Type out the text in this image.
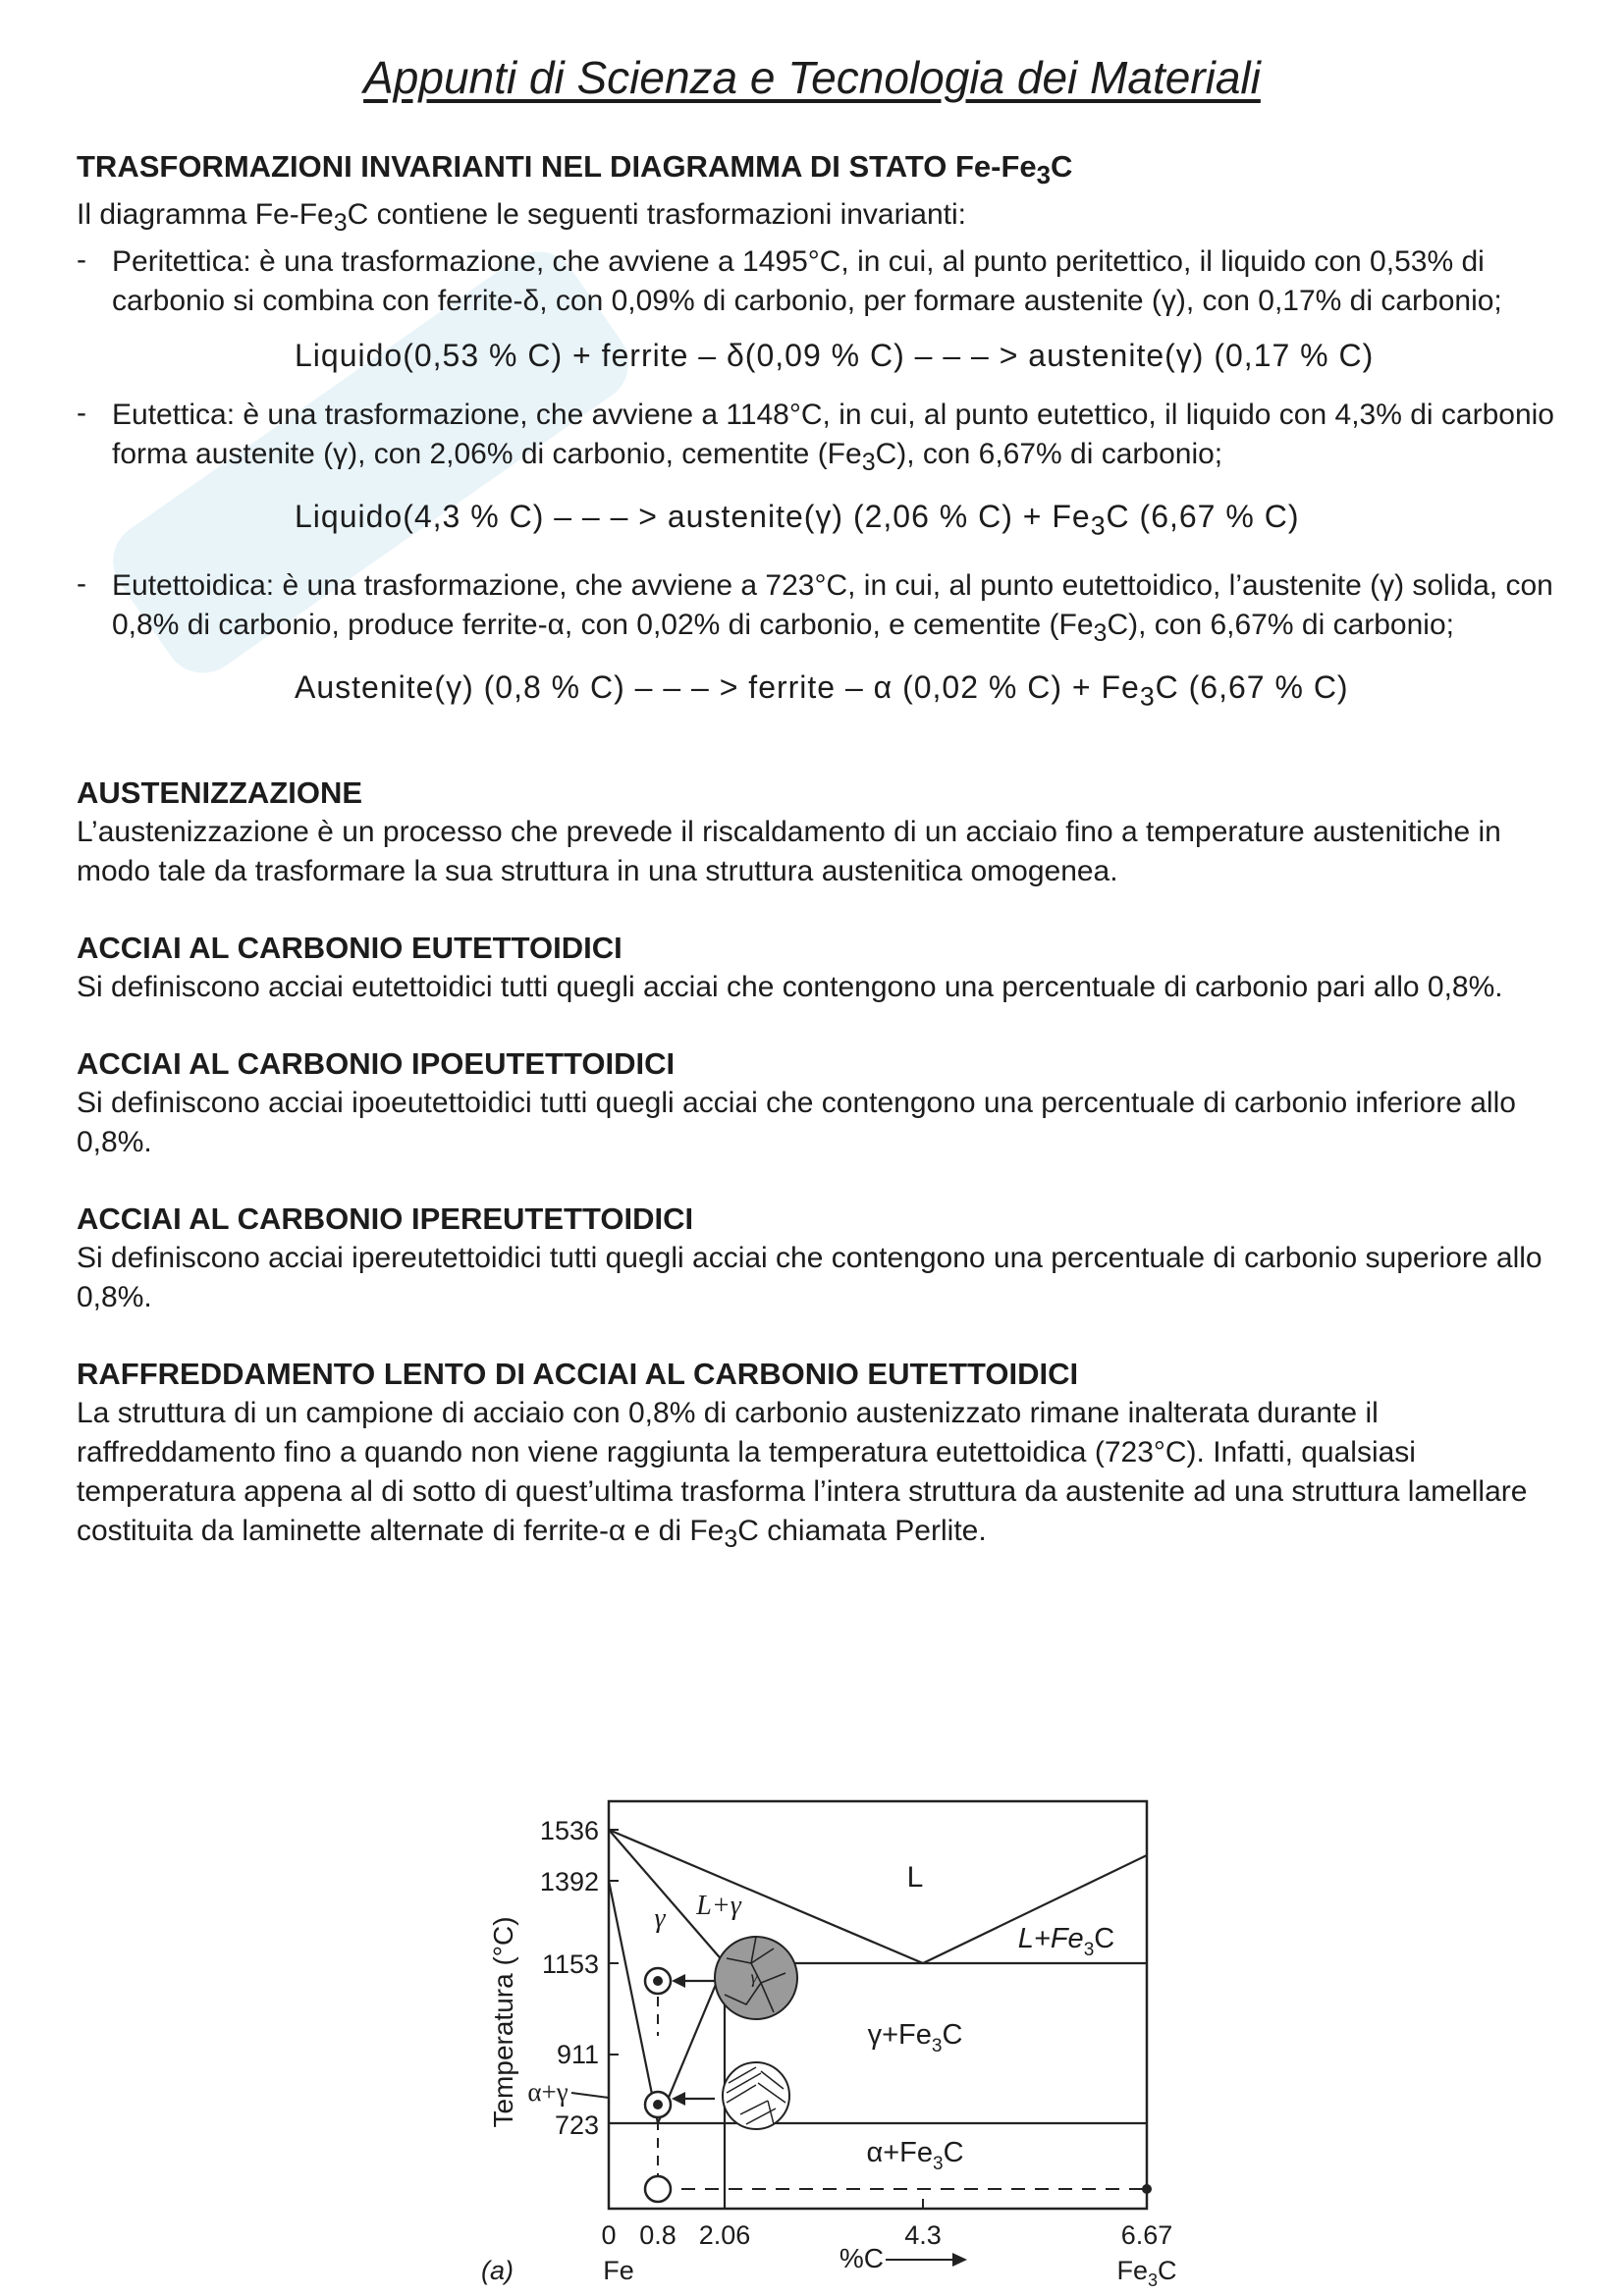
Appunti di Scienza e Tecnologia dei Materiali

TRASFORMAZIONI INVARIANTI NEL DIAGRAMMA DI STATO $Fe-Fe_3C$

Il diagramma $Fe-Fe_3C$ contiene le seguenti trasformazioni invarianti:

- Peritettica: è una trasformazione, che avviene a 1495°C, in cui, al punto peritettico, il liquido con 0,53% di carbonio si combina con ferrite-δ, con 0,09% di carbonio, per formare austenite (γ), con 0,17% di carbonio;

Liquido(0,53 % C) + ferrite – δ(0,09 % C) – – – > austenite(γ) (0,17 % C)

- Eutettica: è una trasformazione, che avviene a 1148°C, in cui, al punto eutettico, il liquido con 4,3% di carbonio forma austenite (γ), con 2,06% di carbonio, cementite $(Fe_3C)$, con 6,67% di carbonio;

Liquido(4,3 % C) – – – > austenite(γ) (2,06 % $C) + Fe_3C$ (6,67 % C)

- Eutettoidica: è una trasformazione, che avviene a 723°C, in cui, al punto eutettoidico, l’austenite (γ) solida, con 0,8% di carbonio, produce ferrite-α, con 0,02% di carbonio, e cementite $(Fe_3C)$, con 6,67% di carbonio;

Austenite(γ) (0,8 % C) – – – > ferrite – α (0,02 % $C) + Fe_3C$ (6,67 % C)

AUSTENIZZAZIONE

L’austenizzazione è un processo che prevede il riscaldamento di un acciaio fino a temperature austenitiche in modo tale da trasformare la sua struttura in una struttura austenitica omogenea.

ACCIAI AL CARBONIO EUTETTOIDICI

Si definiscono acciai eutettoidici tutti quegli acciai che contengono una percentuale di carbonio pari allo 0,8%.

ACCIAI AL CARBONIO IPOEUTETTOIDICI

Si definiscono acciai ipoeutettoidici tutti quegli acciai che contengono una percentuale di carbonio inferiore allo 0,8%.

ACCIAI AL CARBONIO IPEREUTETTOIDICI

Si definiscono acciai ipereutettoidici tutti quegli acciai che contengono una percentuale di carbonio superiore allo 0,8%.

RAFFREDDAMENTO LENTO DI ACCIAI AL CARBONIO EUTETTOIDICI

La struttura di un campione di acciaio con 0,8% di carbonio austenizzato rimane inalterata durante il raffreddamento fino a quando non viene raggiunta la temperatura eutettoidica (723°C). Infatti, qualsiasi temperatura appena al di sotto di quest’ultima trasforma l’intera struttura da austenite ad una struttura lamellare costituita da laminette alternate di ferrite-α e di $Fe_3C$ chiamata Perlite.

Temperatura (°C)
1536
1392
1153
911
α+γ
723
L
L+γ
γ
$L+Fe_3C$
$\gamma+Fe_3C$
$\alpha+Fe_3C$
γ
0 0.8 2.06	4.3	6.67
Fe	%C	$Fe_3C$
(a)
